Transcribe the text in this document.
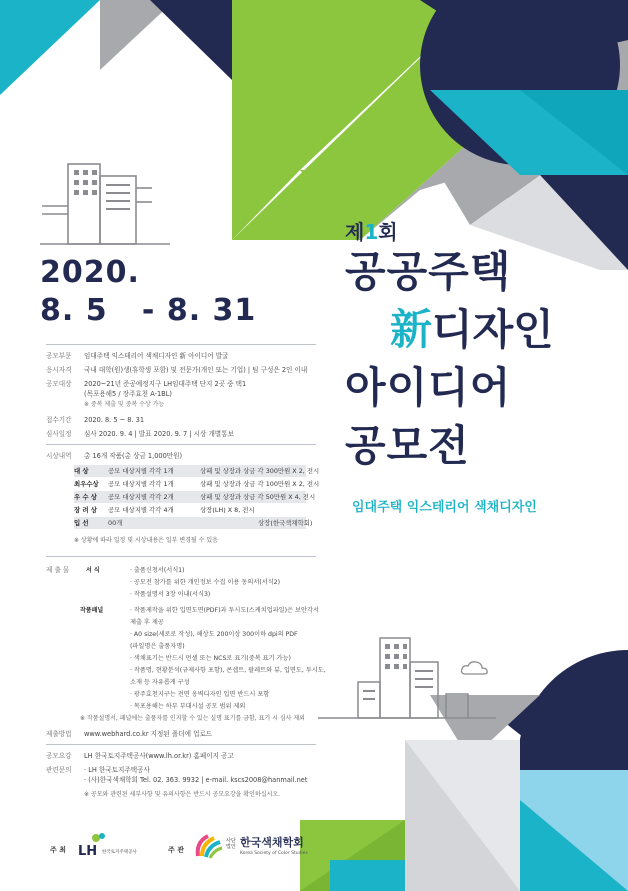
2020.
8. 5   - 8. 31
제1회
공공주택
新디자인
아이디어
공모전
임대주택 익스테리어 색채디자인
공모부문 임대주택 익스테리어 색채디자인 新 아이디어 발굴
응시자격 국내 대학(원)생(휴학생 포함) 및 전문가(개인 또는 기업) | 팀 구성은 2인 이내
공모대상 2020~21년 준공예정지구 LH임대주택 단지 2곳 중 택1
(목포용해5 / 장주효천 A-1BL)
※ 중복 제출 및 중복 수상 가능
접수기간 2020. 8. 5 ~ 8. 31
심사일정 심사 2020. 9. 4 | 발표 2020. 9. 7 | 시상 개별통보
시상내역 총 16개 작품(총 상금 1,000만원)
대 상	공모 대상지별 각각 1개	상패 및 상장과 상금 각 300만원 X 2, 전시
최우수상 공모 대상지별 각각 1개	상패 및 상장과 상금 각 100만원 X 2, 전시
우 수 상 공모 대상지별 각각 2개	상패 및 상장과 상금 각 50만원 X 4, 전시
장 려 상 공모 대상지별 각각 4개	상장(LH) X 8, 전시
입 선	00개	상장(한국색채학회)
※ 상황에 따라 일정 및 시상내용은 일부 변경될 수 있음
제 출 물	서 식	· 출품신청서(서식1)
· 공모전 참가를 위한 개인정보 수집 이용 동의서(서식2)
· 작품설명서 3장 이내(서식3)
작품패널	· 작품제작을 위한 입면도면(PDF)과 투시도(스케치업파일)은 보안각서
제출 후 제공
· A0 size(세로로 작성), 해상도 200이상 300이하 dpi의 PDF
(파일명은 출품자명)
· 색채표기는 반드시 먼셀 또는 NCS로 표기(중복 표기 가능)
· 작품명, 현황분석(규제사항 포함), 콘셉트, 팔레트와 뷰, 입면도, 투시도,
소재 등 자유롭게 구성
· 광주효천지구는 전면 옹벽디자인 입면 반드시 포함
· 목포용해는 하부 부대시설 공모 범위 제외
※ 작품설명서, 패널에는 출품자를 인지할 수 있는 실명 표기를 금함, 표기 시 심사 제외
제출방법 www.webhard.co.kr 지정된 폴더에 업로드
공모요강 LH 한국토지주택공사(www.lh.or.kr) 홈페이지 공고
관련문의 · LH 한국토지주택공사
· (사)한국색채학회 Tel. 02. 363. 9932 | e-mail. kscs2008@hanmail.net
※ 공모와 관련된 세부사항 및 유의사항은 반드시 공모요강을 확인하십시오.
주 최 LH 한국토지주택공사	주 관
사단
법인 한국색채학회
Korea Society of Color Studies
